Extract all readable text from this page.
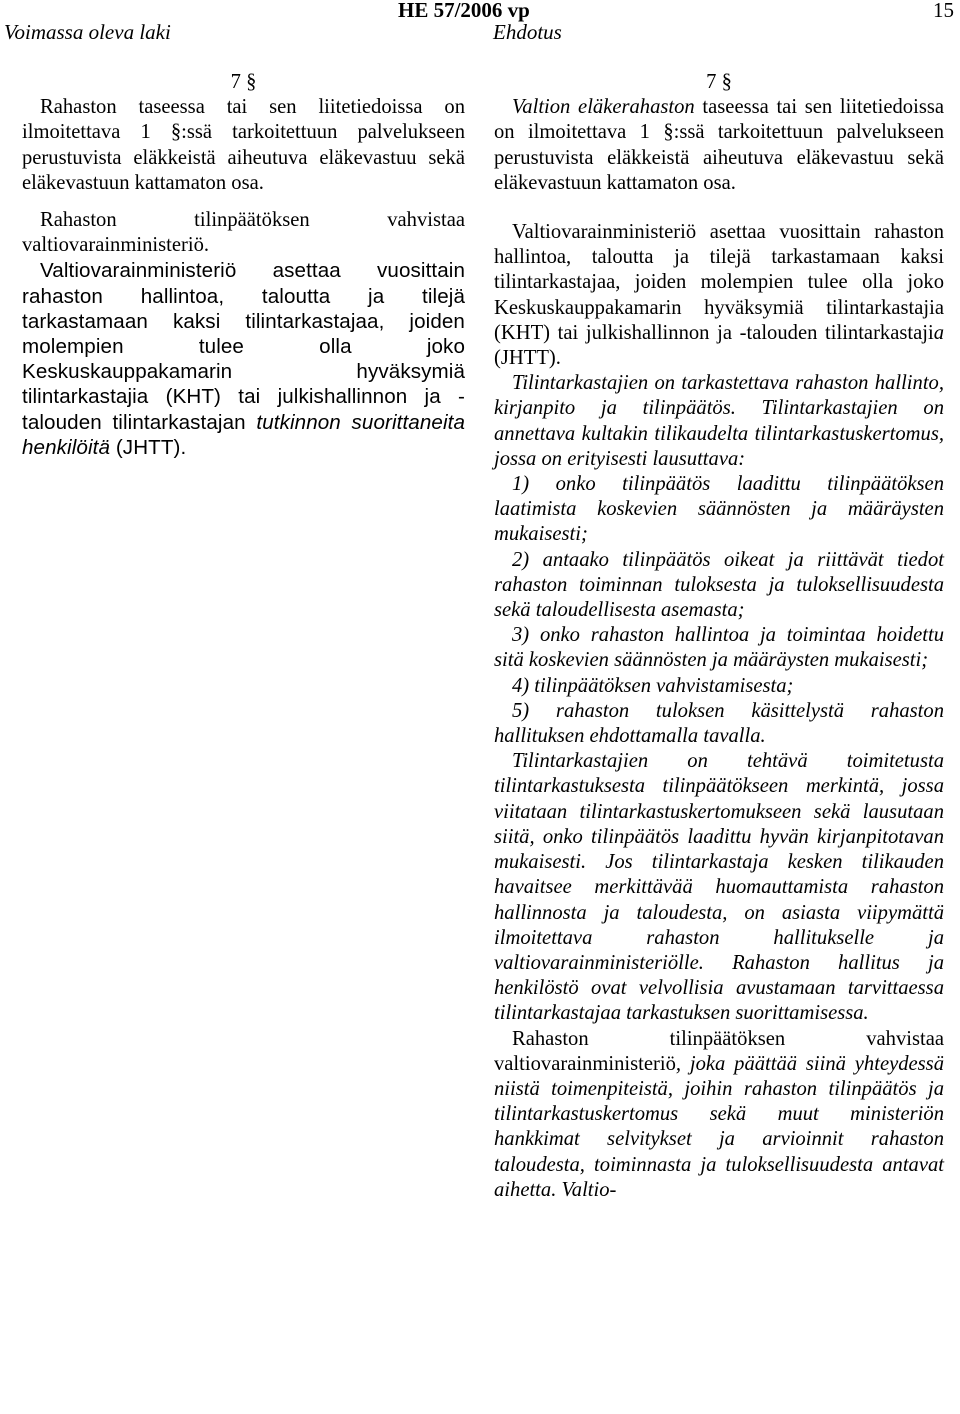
Voimassa oleva laki
HE 57/2006 vp
Ehdotus
15

7 §

Rahaston taseessa tai sen liitetiedoissa on ilmoitettava 1 §:ssä tarkoitettuun palvelukseen perustuvista eläkkeistä aiheutuva eläkevastuu sekä eläkevastuun kattamaton osa.

Rahaston tilinpäätöksen vahvistaa valtiovarainministeriö.

Valtiovarainministeriö asettaa vuosittain rahaston hallintoa, taloutta ja tilejä tarkastamaan kaksi tilintarkastajaa, joiden molempien tulee olla joko Keskuskauppakamarin hyväksymiä tilintarkastajia (KHT) tai julkishallinnon ja -talouden tilintarkastajan tutkinnon suorittaneita henkilöitä (JHTT).

7 §

Valtion eläkerahaston taseessa tai sen liitetiedoissa on ilmoitettava 1 §:ssä tarkoitettuun palvelukseen perustuvista eläkkeistä aiheutuva eläkevastuu sekä eläkevastuun kattamaton osa.

Valtiovarainministeriö asettaa vuosittain rahaston hallintoa, taloutta ja tilejä tarkastamaan kaksi tilintarkastajaa, joiden molempien tulee olla joko Keskuskauppakamarin hyväksymiä tilintarkastajia (KHT) tai julkishallinnon ja -talouden tilintarkastajia (JHTT).

Tilintarkastajien on tarkastettava rahaston hallinto, kirjanpito ja tilinpäätös. Tilintarkastajien on annettava kultakin tilikaudelta tilintarkastuskertomus, jossa on erityisesti lausuttava:

1) onko tilinpäätös laadittu tilinpäätöksen laatimista koskevien säännösten ja määräysten mukaisesti;

2) antaako tilinpäätös oikeat ja riittävät tiedot rahaston toiminnan tuloksesta ja tuloksellisuudesta sekä taloudellisesta asemasta;

3) onko rahaston hallintoa ja toimintaa hoidettu sitä koskevien säännösten ja määräysten mukaisesti;

4) tilinpäätöksen vahvistamisesta;

5) rahaston tuloksen käsittelystä rahaston hallituksen ehdottamalla tavalla.

Tilintarkastajien on tehtävä toimitetusta tilintarkastuksesta tilinpäätökseen merkintä, jossa viitataan tilintarkastuskertomukseen sekä lausutaan siitä, onko tilinpäätös laadittu hyvän kirjanpitotavan mukaisesti. Jos tilintarkastaja kesken tilikauden havaitsee merkittävää huomauttamista rahaston hallinnosta ja taloudesta, on asiasta viipymättä ilmoitettava rahaston hallitukselle ja valtiovarainministeriölle. Rahaston hallitus ja henkilöstö ovat velvollisia avustamaan tarvittaessa tilintarkastajaa tarkastuksen suorittamisessa.

Rahaston tilinpäätöksen vahvistaa valtiovarainministeriö, joka päättää siinä yhteydessä niistä toimenpiteistä, joihin rahaston tilinpäätös ja tilintarkastuskertomus sekä muut ministeriön hankkimat selvitykset ja arvioinnit rahaston taloudesta, toiminnasta ja tuloksellisuudesta antavat aihetta. Valtio-
